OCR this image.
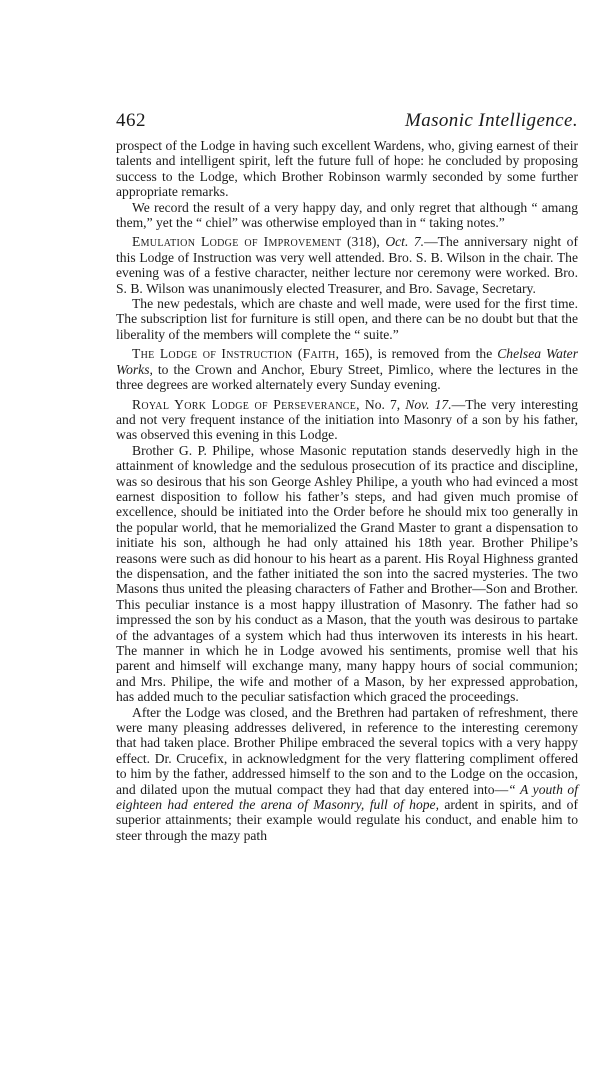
462	Masonic Intelligence.

prospect of the Lodge in having such excellent Wardens, who, giving earnest of their talents and intelligent spirit, left the future full of hope: he concluded by proposing success to the Lodge, which Brother Robinson warmly seconded by some further appropriate remarks.

We record the result of a very happy day, and only regret that although “ amang them,” yet the “ chiel” was otherwise employed than in “ taking notes.”

Emulation Lodge of Improvement (318), Oct. 7.—The anniversary night of this Lodge of Instruction was very well attended. Bro. S. B. Wilson in the chair. The evening was of a festive character, neither lecture nor ceremony were worked. Bro. S. B. Wilson was unanimously elected Treasurer, and Bro. Savage, Secretary.

The new pedestals, which are chaste and well made, were used for the first time. The subscription list for furniture is still open, and there can be no doubt but that the liberality of the members will complete the “ suite.”

The Lodge of Instruction (Faith, 165), is removed from the Chelsea Water Works, to the Crown and Anchor, Ebury Street, Pimlico, where the lectures in the three degrees are worked alternately every Sunday evening.

Royal York Lodge of Perseverance, No. 7, Nov. 17.—The very interesting and not very frequent instance of the initiation into Masonry of a son by his father, was observed this evening in this Lodge.

Brother G. P. Philipe, whose Masonic reputation stands deservedly high in the attainment of knowledge and the sedulous prosecution of its practice and discipline, was so desirous that his son George Ashley Philipe, a youth who had evinced a most earnest disposition to follow his father’s steps, and had given much promise of excellence, should be initiated into the Order before he should mix too generally in the popular world, that he memorialized the Grand Master to grant a dispensation to initiate his son, although he had only attained his 18th year. Brother Philipe’s reasons were such as did honour to his heart as a parent. His Royal Highness granted the dispensation, and the father initiated the son into the sacred mysteries. The two Masons thus united the pleasing characters of Father and Brother—Son and Brother. This peculiar instance is a most happy illustration of Masonry. The father had so impressed the son by his conduct as a Mason, that the youth was desirous to partake of the advantages of a system which had thus interwoven its interests in his heart. The manner in which he in Lodge avowed his sentiments, promise well that his parent and himself will exchange many, many happy hours of social communion; and Mrs. Philipe, the wife and mother of a Mason, by her expressed approbation, has added much to the peculiar satisfaction which graced the proceedings.

After the Lodge was closed, and the Brethren had partaken of refreshment, there were many pleasing addresses delivered, in reference to the interesting ceremony that had taken place. Brother Philipe embraced the several topics with a very happy effect. Dr. Crucefix, in acknowledgment for the very flattering compliment offered to him by the father, addressed himself to the son and to the Lodge on the occasion, and dilated upon the mutual compact they had that day entered into—“ A youth of eighteen had entered the arena of Masonry, full of hope, ardent in spirits, and of superior attainments; their example would regulate his conduct, and enable him to steer through the mazy path
